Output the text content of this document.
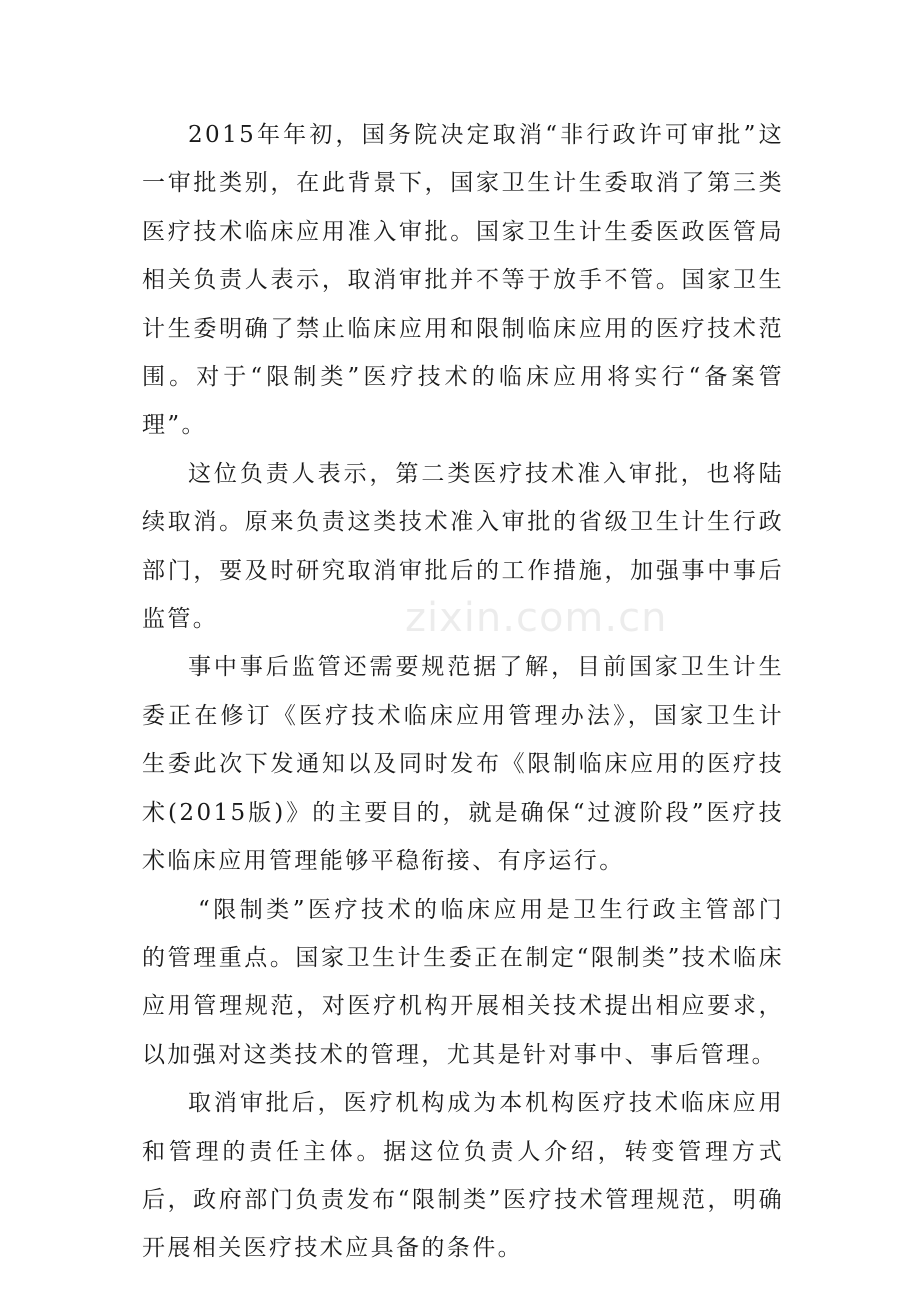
2015年年初，国务院决定取消“非行政许可审批”这一审批类别，在此背景下，国家卫生计生委取消了第三类医疗技术临床应用准入审批。国家卫生计生委医政医管局相关负责人表示，取消审批并不等于放手不管。国家卫生计生委明确了禁止临床应用和限制临床应用的医疗技术范围。对于“限制类”医疗技术的临床应用将实行“备案管理”。

这位负责人表示，第二类医疗技术准入审批，也将陆续取消。原来负责这类技术准入审批的省级卫生计生行政部门，要及时研究取消审批后的工作措施，加强事中事后监管。

事中事后监管还需要规范据了解，目前国家卫生计生委正在修订《医疗技术临床应用管理办法》，国家卫生计生委此次下发通知以及同时发布《限制临床应用的医疗技术(2015版)》的主要目的，就是确保“过渡阶段”医疗技术临床应用管理能够平稳衔接、有序运行。

“限制类”医疗技术的临床应用是卫生行政主管部门的管理重点。国家卫生计生委正在制定“限制类”技术临床应用管理规范，对医疗机构开展相关技术提出相应要求，以加强对这类技术的管理，尤其是针对事中、事后管理。

取消审批后，医疗机构成为本机构医疗技术临床应用和管理的责任主体。据这位负责人介绍，转变管理方式后，政府部门负责发布“限制类”医疗技术管理规范，明确开展相关医疗技术应具备的条件。

zixin.com.cn
